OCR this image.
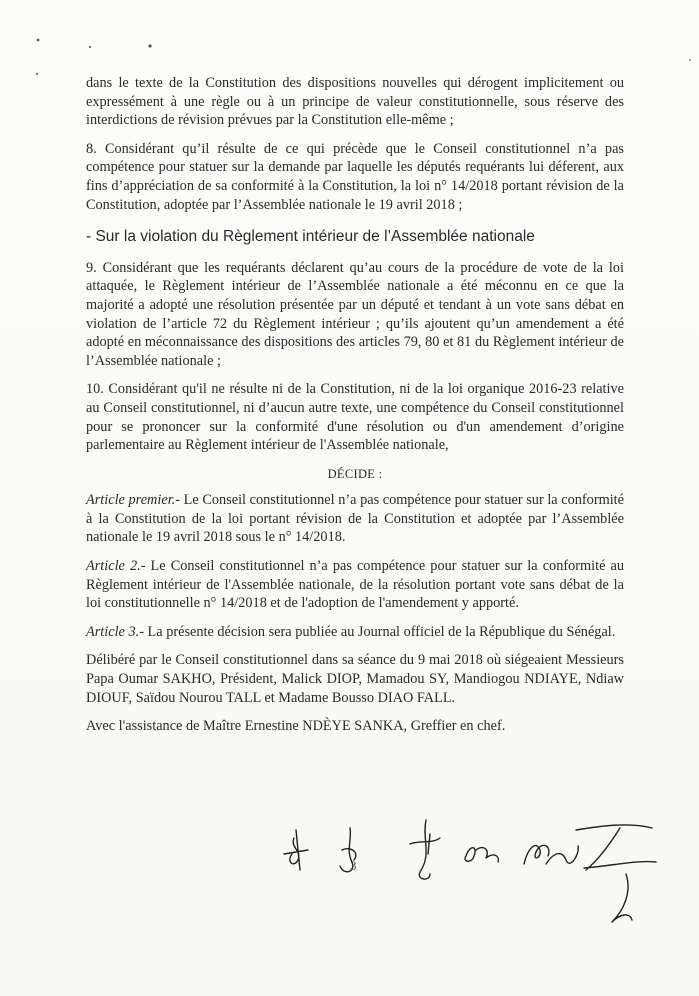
dans le texte de la Constitution des dispositions nouvelles qui dérogent implicitement ou expressément à une règle ou à un principe de valeur constitutionnelle, sous réserve des interdictions de révision prévues par la Constitution elle-même ;

8. Considérant qu’il résulte de ce qui précède que le Conseil constitutionnel n’a pas compétence pour statuer sur la demande par laquelle les députés requérants lui déferent, aux fins d’appréciation de sa conformité à la Constitution, la loi n° 14/2018 portant révision de la Constitution, adoptée par l’Assemblée nationale le 19 avril 2018 ;

- Sur la violation du Règlement intérieur de l’Assemblée nationale

9. Considérant que les requérants déclarent qu’au cours de la procédure de vote de la loi attaquée, le Règlement intérieur de l’Assemblée nationale a été méconnu en ce que la majorité a adopté une résolution présentée par un député et tendant à un vote sans débat en violation de l’article 72 du Règlement intérieur ; qu’ils ajoutent qu’un amendement a été adopté en méconnaissance des dispositions des articles 79, 80 et 81 du Règlement intérieur de l’Assemblée nationale ;

10. Considérant qu'il ne résulte ni de la Constitution, ni de la loi organique 2016-23 relative au Conseil constitutionnel, ni d’aucun autre texte, une compétence du Conseil constitutionnel pour se prononcer sur la conformité d'une résolution ou d'un amendement d’origine parlementaire au Règlement intérieur de l'Assemblée nationale,

DÉCIDE :

Article premier.- Le Conseil constitutionnel n’a pas compétence pour statuer sur la conformité à la Constitution de la loi portant révision de la Constitution et adoptée par l’Assemblée nationale le 19 avril 2018 sous le n° 14/2018.

Article 2.- Le Conseil constitutionnel n’a pas compétence pour statuer sur la conformité au Règlement intérieur de l'Assemblée nationale, de la résolution portant vote sans débat de la loi constitutionnelle n° 14/2018 et de l'adoption de l'amendement y apporté.

Article 3.- La présente décision sera publiée au Journal officiel de la République du Sénégal.

Délibéré par le Conseil constitutionnel dans sa séance du 9 mai 2018 où siégeaient Messieurs Papa Oumar SAKHO, Président, Malick DIOP, Mamadou SY, Mandiogou NDIAYE, Ndiaw DIOUF, Saïdou Nourou TALL et Madame Bousso DIAO FALL.

Avec l'assistance de Maître Ernestine NDÈYE SANKA, Greffier en chef.

3
